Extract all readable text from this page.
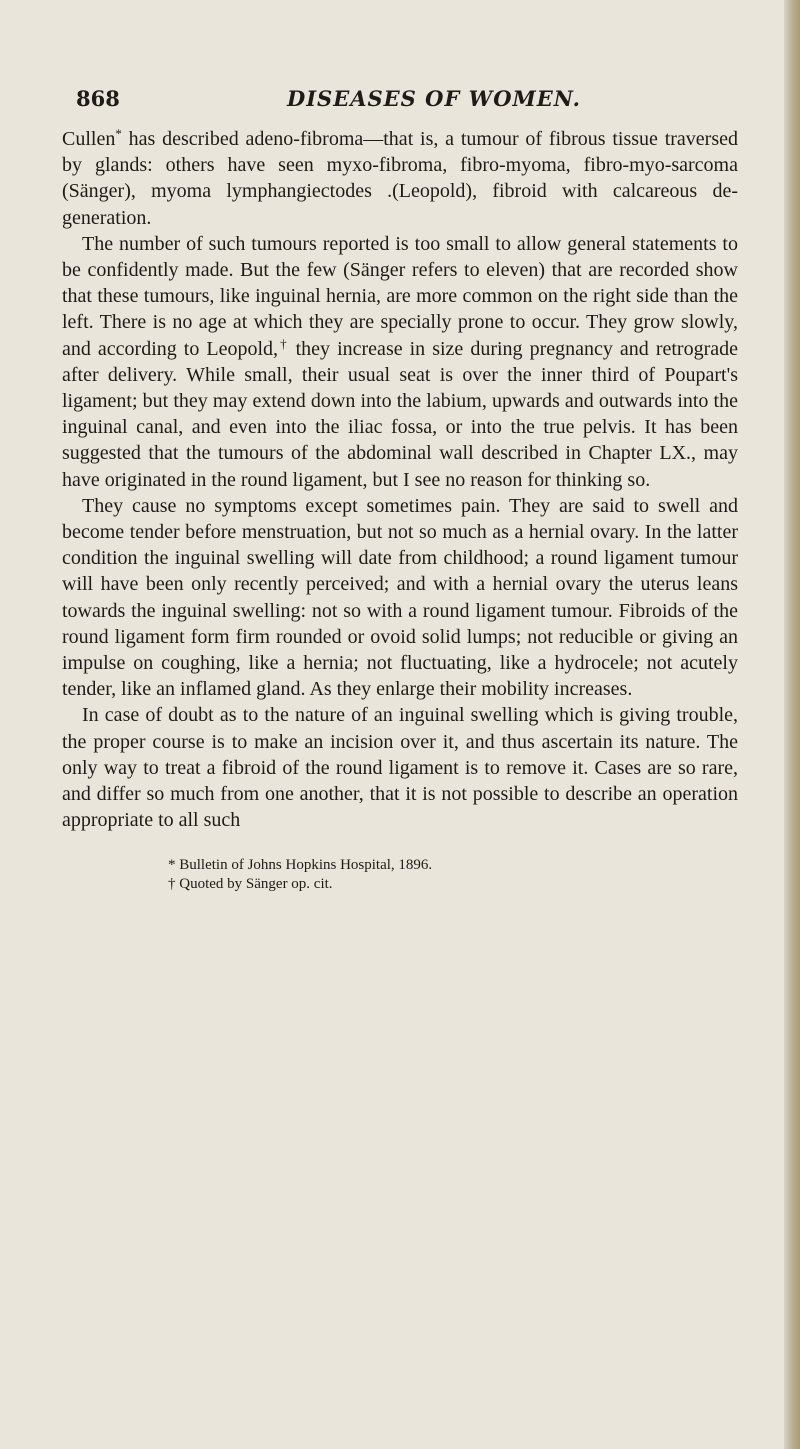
868	DISEASES OF WOMEN.

Cullen* has described adeno-fibroma—that is, a tumour of fibrous tissue traversed by glands: others have seen myxo-fibroma, fibro-myoma, fibro-myo-sarcoma (Sänger), myoma lymphangiectodes .(Leopold), fibroid with calcareous de-generation.

The number of such tumours reported is too small to allow general statements to be confidently made. But the few (Sänger refers to eleven) that are recorded show that these tumours, like inguinal hernia, are more common on the right side than the left. There is no age at which they are specially prone to occur. They grow slowly, and according to Leopold,† they increase in size during pregnancy and retrograde after delivery. While small, their usual seat is over the inner third of Poupart's ligament; but they may extend down into the labium, upwards and outwards into the inguinal canal, and even into the iliac fossa, or into the true pelvis. It has been suggested that the tumours of the abdominal wall described in Chapter LX., may have originated in the round ligament, but I see no reason for thinking so.

They cause no symptoms except sometimes pain. They are said to swell and become tender before menstruation, but not so much as a hernial ovary. In the latter condition the inguinal swelling will date from childhood; a round ligament tumour will have been only recently perceived; and with a hernial ovary the uterus leans towards the inguinal swelling: not so with a round ligament tumour. Fibroids of the round ligament form firm rounded or ovoid solid lumps; not reducible or giving an impulse on coughing, like a hernia; not fluctuating, like a hydrocele; not acutely tender, like an inflamed gland. As they enlarge their mobility increases.

In case of doubt as to the nature of an inguinal swelling which is giving trouble, the proper course is to make an incision over it, and thus ascertain its nature. The only way to treat a fibroid of the round ligament is to remove it. Cases are so rare, and differ so much from one another, that it is not possible to describe an operation appropriate to all such

* Bulletin of Johns Hopkins Hospital, 1896.
† Quoted by Sänger op. cit.
